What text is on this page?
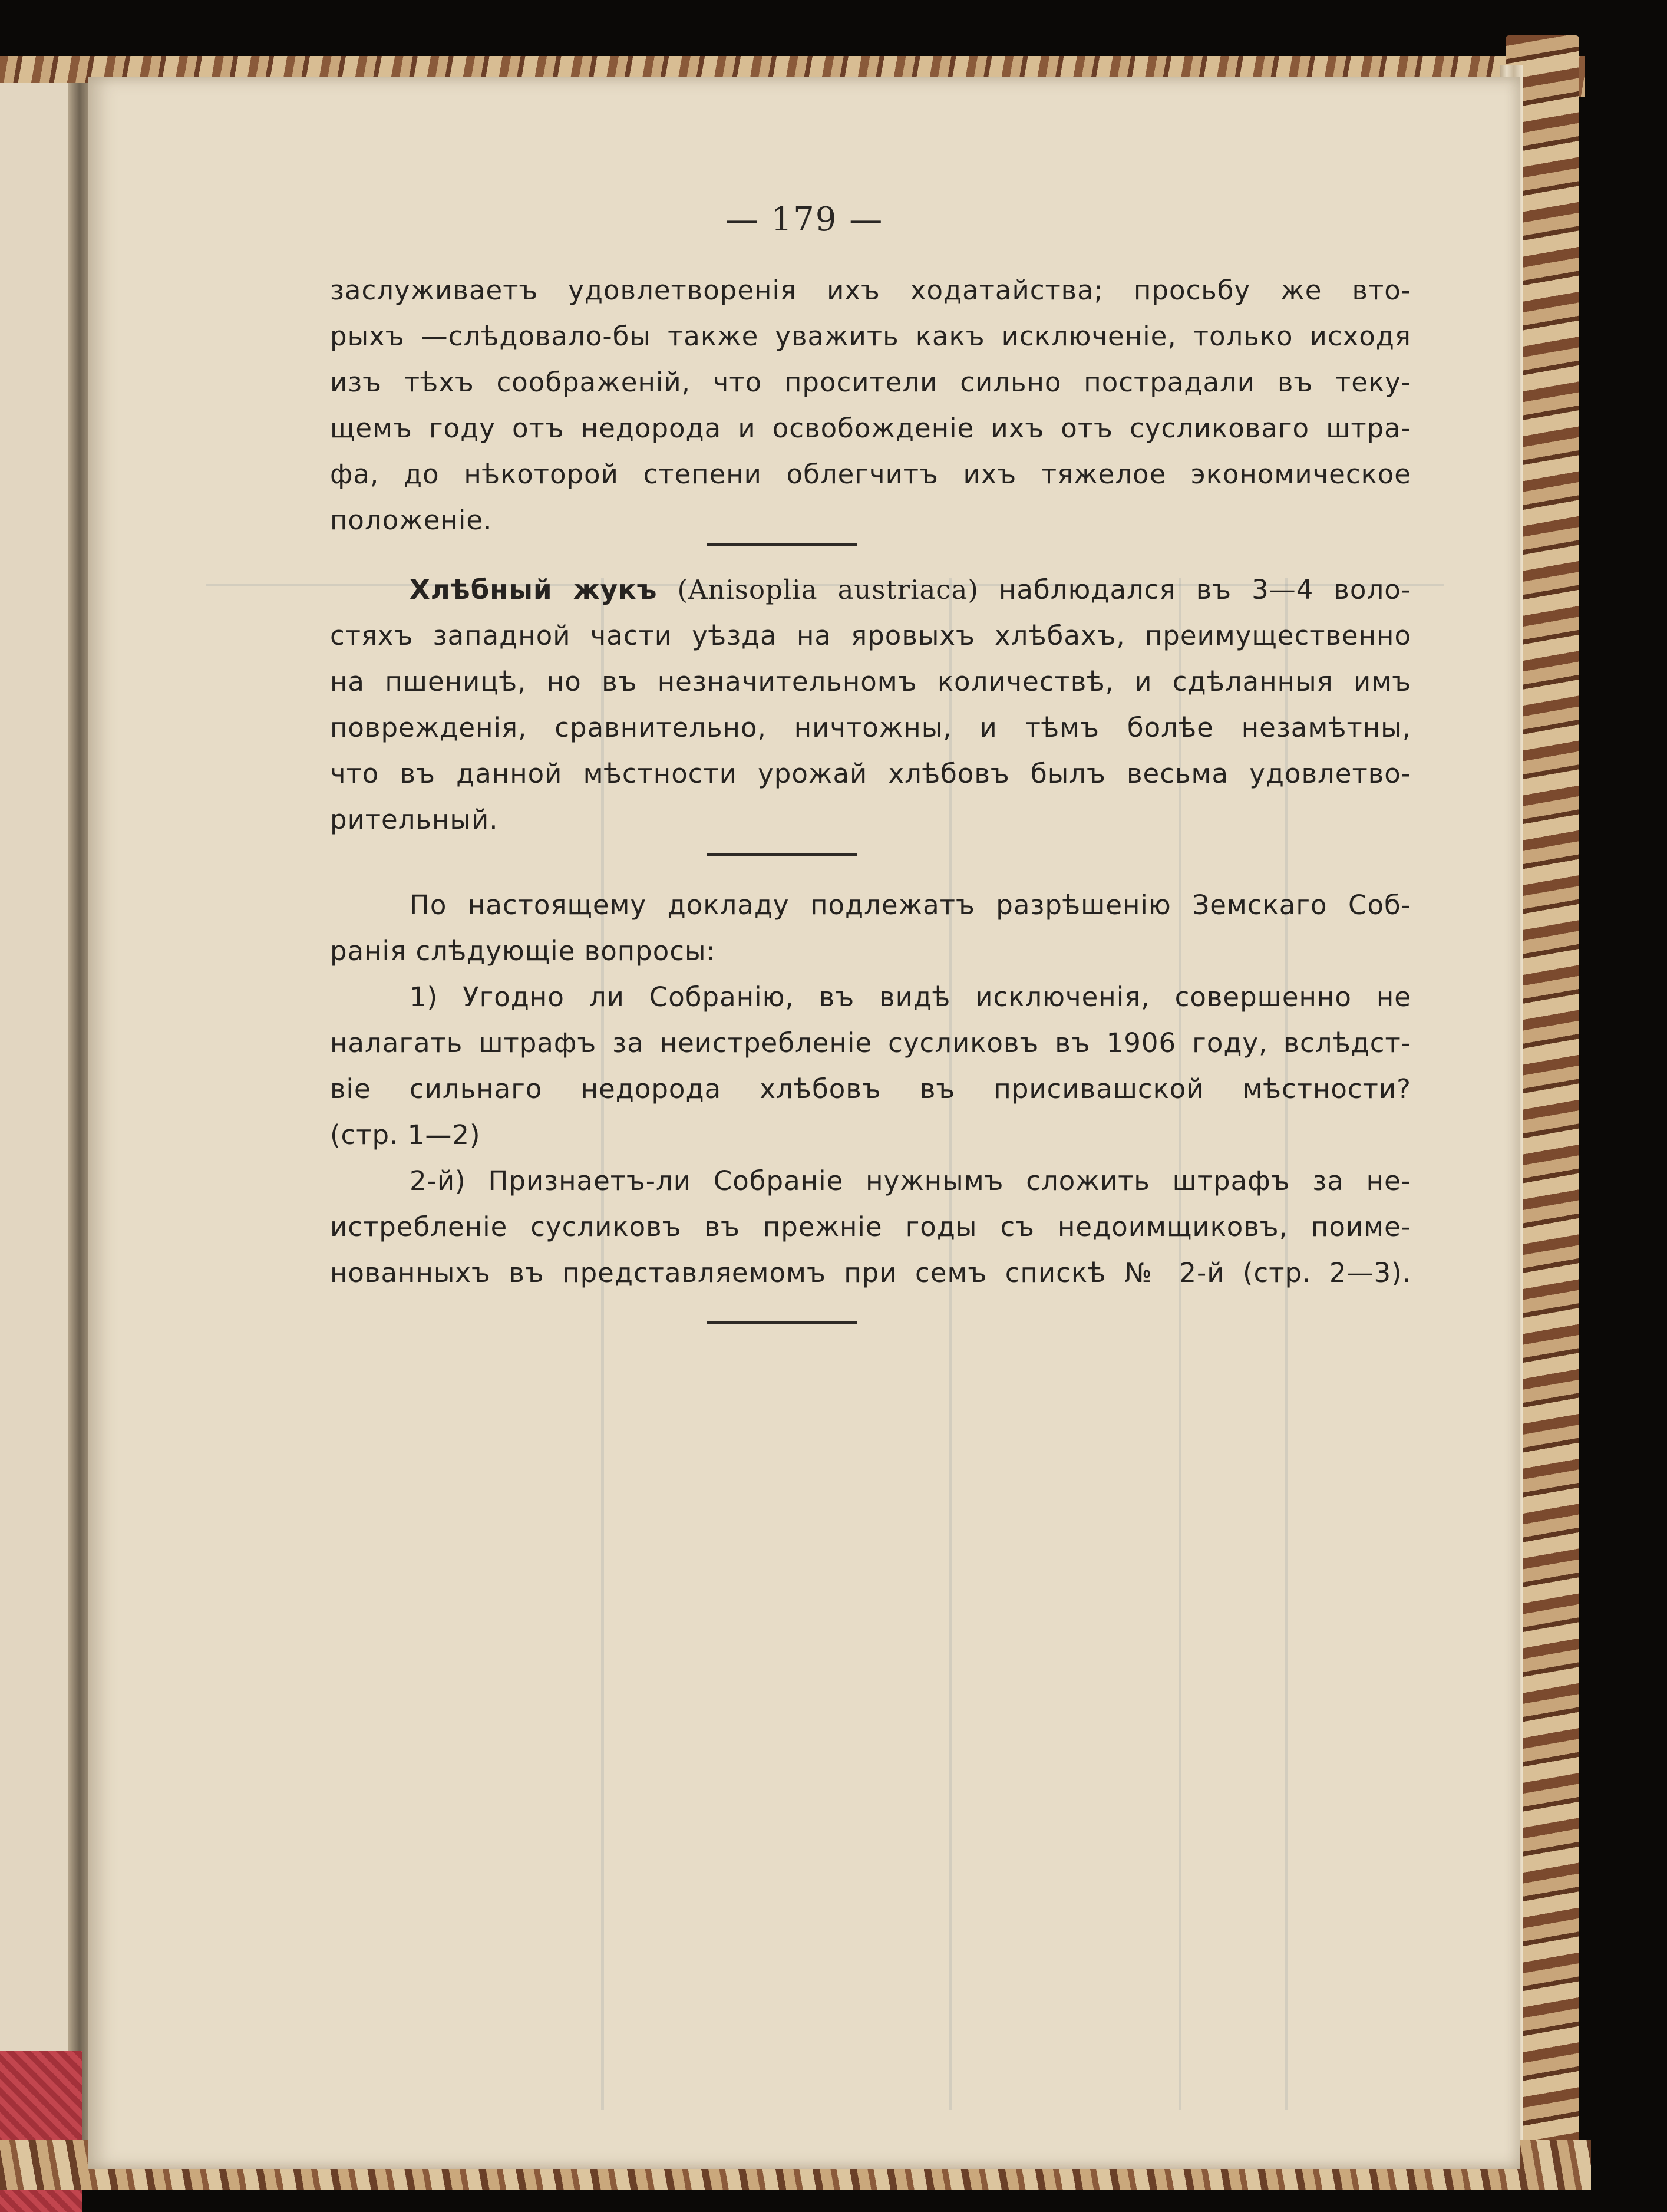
— 179 —
заслуживаетъ удовлетворенія ихъ ходатайства; просьбу же вто-
рыхъ —слѣдовало-бы также уважить какъ исключеніе, только исходя
изъ тѣхъ соображеній, что просители сильно пострадали въ теку-
щемъ году отъ недорода и освобожденіе ихъ отъ сусликоваго штра-
фа, до нѣкоторой степени облегчитъ ихъ тяжелое экономическое
положеніе.
Хлѣбный жукъ (Anisoplia austriaca) наблюдался въ 3—4 воло-
стяхъ западной части уѣзда на яровыхъ хлѣбахъ, преимущественно
на пшеницѣ, но въ незначительномъ количествѣ, и сдѣланныя имъ
поврежденія, сравнительно, ничтожны, и тѣмъ болѣе незамѣтны,
что въ данной мѣстности урожай хлѣбовъ былъ весьма удовлетво-
рительный.
По настоящему докладу подлежатъ разрѣшенію Земскаго Соб-
ранія слѣдующіе вопросы:
1) Угодно ли Собранію, въ видѣ исключенія, совершенно не
налагать штрафъ за неистребленіе сусликовъ въ 1906 году, вслѣдст-
віе сильнаго недорода хлѣбовъ въ присивашской мѣстности?
(стр. 1—2)
2-й) Признаетъ-ли Собраніе нужнымъ сложить штрафъ за не-
истребленіе сусликовъ въ прежніе годы съ недоимщиковъ, поиме-
нованныхъ въ представляемомъ при семъ спискѣ № 2-й (стр. 2—3).
